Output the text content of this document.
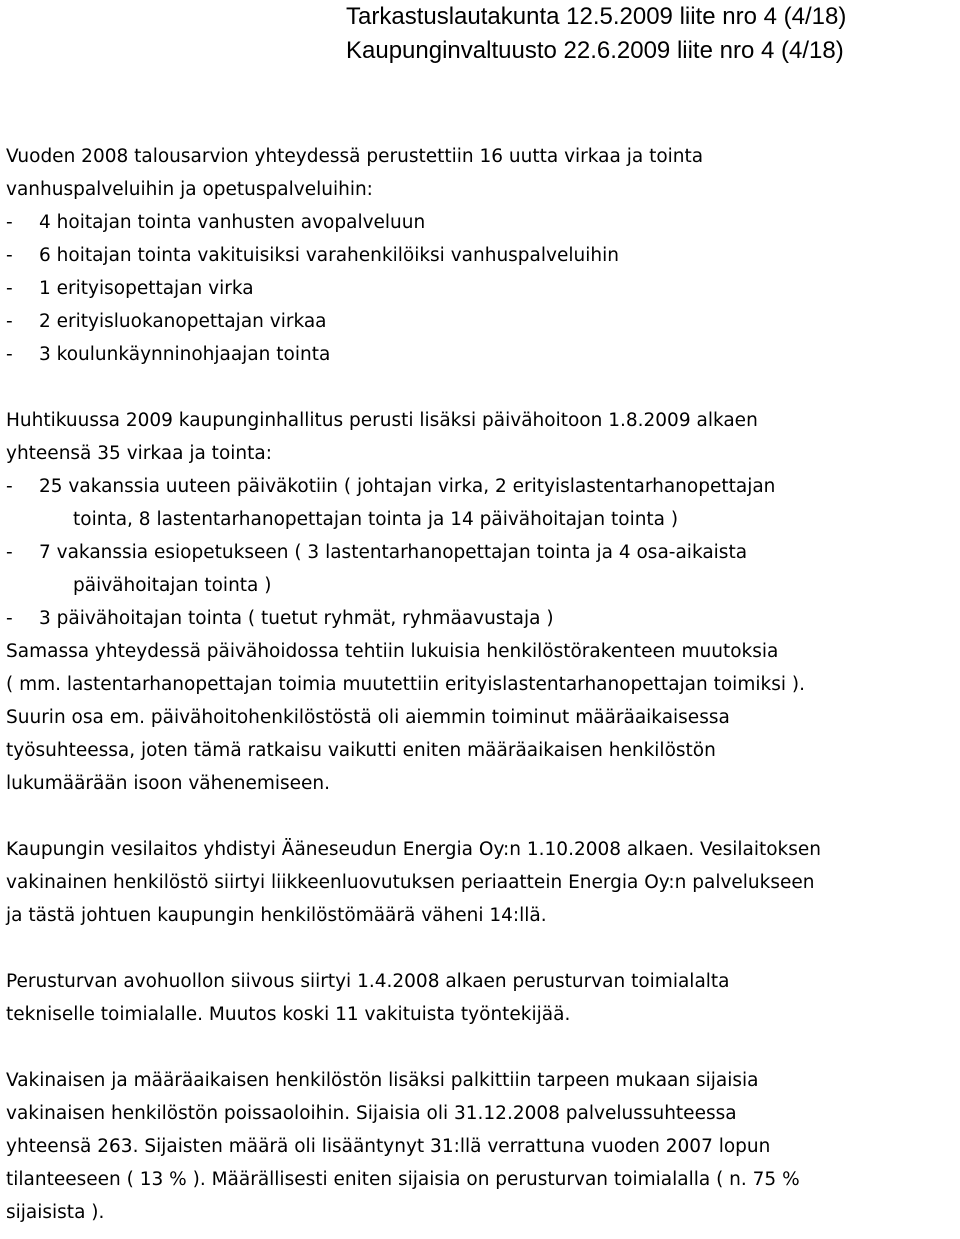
Tarkastuslautakunta 12.5.2009 liite nro 4 (4/18)
Kaupunginvaltuusto 22.6.2009 liite nro 4 (4/18)
Vuoden 2008 talousarvion yhteydessä perustettiin 16 uutta virkaa ja tointa
vanhuspalveluihin ja opetuspalveluihin:
-	4 hoitajan tointa vanhusten avopalveluun
-	6 hoitajan tointa vakituisiksi varahenkilöiksi vanhuspalveluihin
-	1 erityisopettajan virka
-	2 erityisluokanopettajan virkaa
-	3 koulunkäynninohjaajan tointa
Huhtikuussa 2009 kaupunginhallitus perusti lisäksi päivähoitoon 1.8.2009 alkaen
yhteensä 35 virkaa ja tointa:
-	25 vakanssia uuteen päiväkotiin ( johtajan virka, 2 erityislastentarhanopettajan
tointa, 8 lastentarhanopettajan tointa ja 14 päivähoitajan tointa )
-	7 vakanssia esiopetukseen ( 3 lastentarhanopettajan tointa ja 4 osa-aikaista
päivähoitajan tointa )
-	3 päivähoitajan tointa ( tuetut ryhmät, ryhmäavustaja )
Samassa yhteydessä päivähoidossa tehtiin lukuisia henkilöstörakenteen muutoksia
( mm. lastentarhanopettajan toimia muutettiin erityislastentarhanopettajan toimiksi ).
Suurin osa em. päivähoitohenkilöstöstä oli aiemmin toiminut määräaikaisessa
työsuhteessa, joten tämä ratkaisu vaikutti eniten määräaikaisen henkilöstön
lukumäärään isoon vähenemiseen.
Kaupungin vesilaitos yhdistyi Ääneseudun Energia Oy:n 1.10.2008 alkaen. Vesilaitoksen
vakinainen henkilöstö siirtyi liikkeenluovutuksen periaattein Energia Oy:n palvelukseen
ja tästä johtuen kaupungin henkilöstömäärä väheni 14:llä.
Perusturvan avohuollon siivous siirtyi 1.4.2008 alkaen perusturvan toimialalta
tekniselle toimialalle. Muutos koski 11 vakituista työntekijää.
Vakinaisen ja määräaikaisen henkilöstön lisäksi palkittiin tarpeen mukaan sijaisia
vakinaisen henkilöstön poissaoloihin. Sijaisia oli 31.12.2008 palvelussuhteessa
yhteensä 263. Sijaisten määrä oli lisääntynyt 31:llä verrattuna vuoden 2007 lopun
tilanteeseen ( 13 % ). Määrällisesti eniten sijaisia on perusturvan toimialalla ( n. 75 %
sijaisista ).
